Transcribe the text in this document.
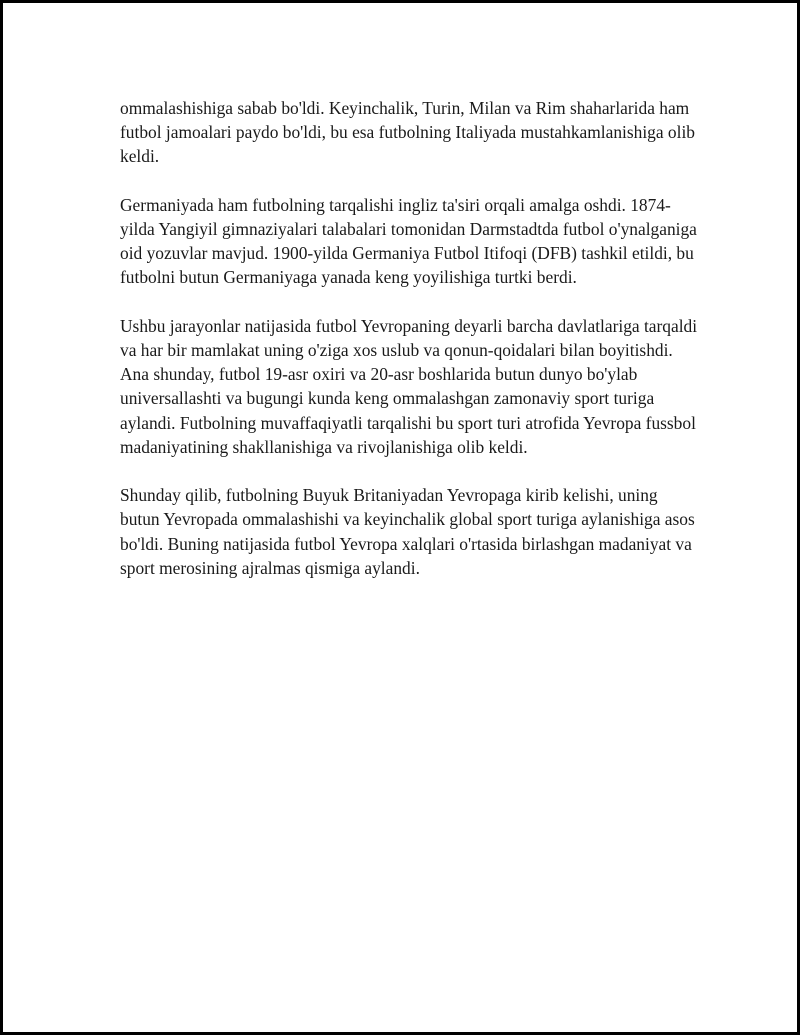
ommalashishiga sabab bo'ldi. Keyinchalik, Turin, Milan va Rim shaharlarida ham futbol jamoalari paydo bo'ldi, bu esa futbolning Italiyada mustahkamlanishiga olib keldi.

Germaniyada ham futbolning tarqalishi ingliz ta'siri orqali amalga oshdi. 1874-yilda Yangiyil gimnaziyalari talabalari tomonidan Darmstadtda futbol o'ynalganiga oid yozuvlar mavjud. 1900-yilda Germaniya Futbol Itifoqi (DFB) tashkil etildi, bu futbolni butun Germaniyaga yanada keng yoyilishiga turtki berdi.

Ushbu jarayonlar natijasida futbol Yevropaning deyarli barcha davlatlariga tarqaldi va har bir mamlakat uning o'ziga xos uslub va qonun-qoidalari bilan boyitishdi. Ana shunday, futbol 19-asr oxiri va 20-asr boshlarida butun dunyo bo'ylab universallashti va bugungi kunda keng ommalashgan zamonaviy sport turiga aylandi. Futbolning muvaffaqiyatli tarqalishi bu sport turi atrofida Yevropa fussbol madaniyatining shakllanishiga va rivojlanishiga olib keldi.

Shunday qilib, futbolning Buyuk Britaniyadan Yevropaga kirib kelishi, uning butun Yevropada ommalashishi va keyinchalik global sport turiga aylanishiga asos bo'ldi. Buning natijasida futbol Yevropa xalqlari o'rtasida birlashgan madaniyat va sport merosining ajralmas qismiga aylandi.
